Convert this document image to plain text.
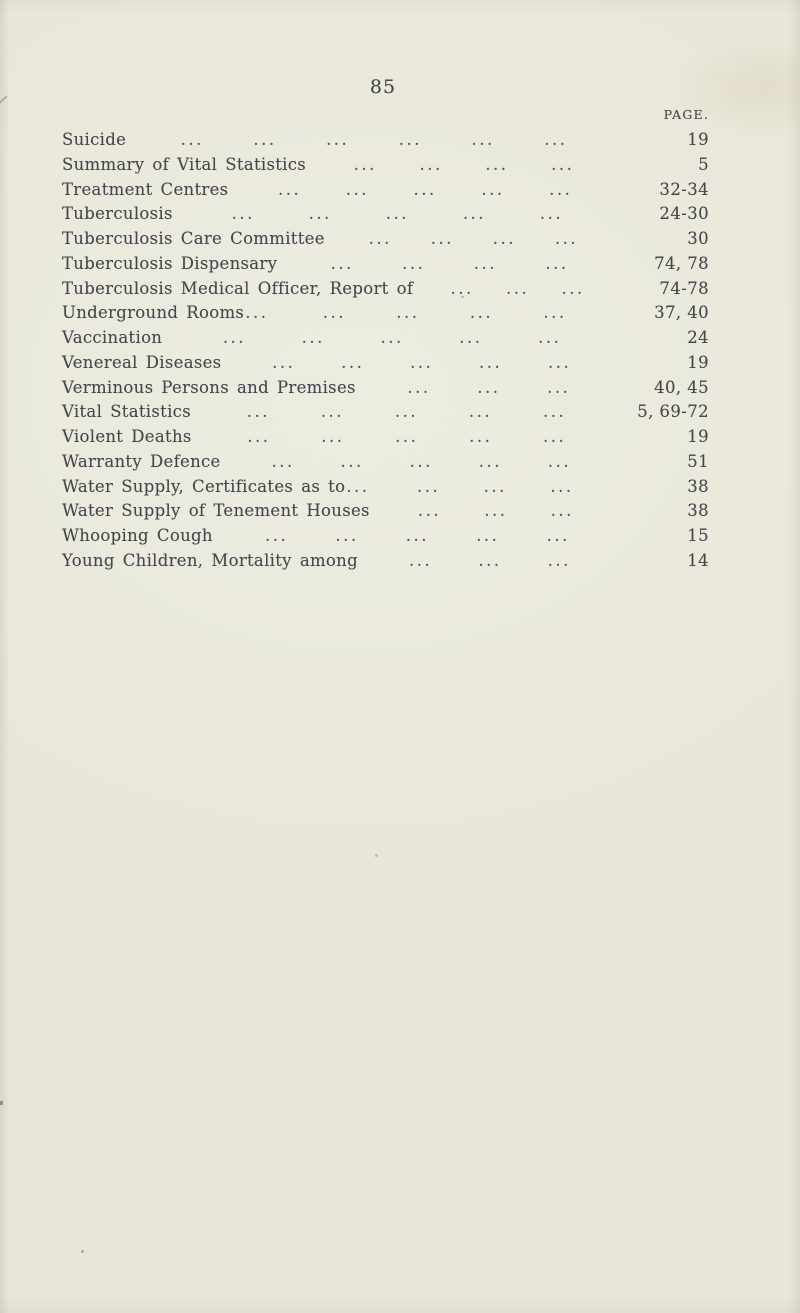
85
PAGE.
Suicide	...	...	...	...	...	...	19
Summary of Vital Statistics	...	...	...	...	5
Treatment Centres	...	...	...	...	...	32-34
Tuberculosis	...	...	...	...	...	24-30
Tuberculosis Care Committee	... ... ... ...	30
Tuberculosis Dispensary	...	...	...	...	74, 78
Tuberculosis Medical Officer, Report of ... ... ...	74-78
Underground Rooms...	...	...	...	...	37, 40
Vaccination	...	...	...	...	...	24
Venereal Diseases	...	...	...	...	...	19
Verminous Persons and Premises	...	...	...	40, 45
Vital Statistics	...	...	...	...	...	5, 69-72
Violent Deaths	...	...	...	...	...	19
Warranty Defence	...	...	...	...	...	51
Water Supply, Certificates as to...	...	...	...	38
Water Supply of Tenement Houses	...	...	...	38
Whooping Cough	...	...	...	...	...	15
Young Children, Mortality among	...	...	...	14
